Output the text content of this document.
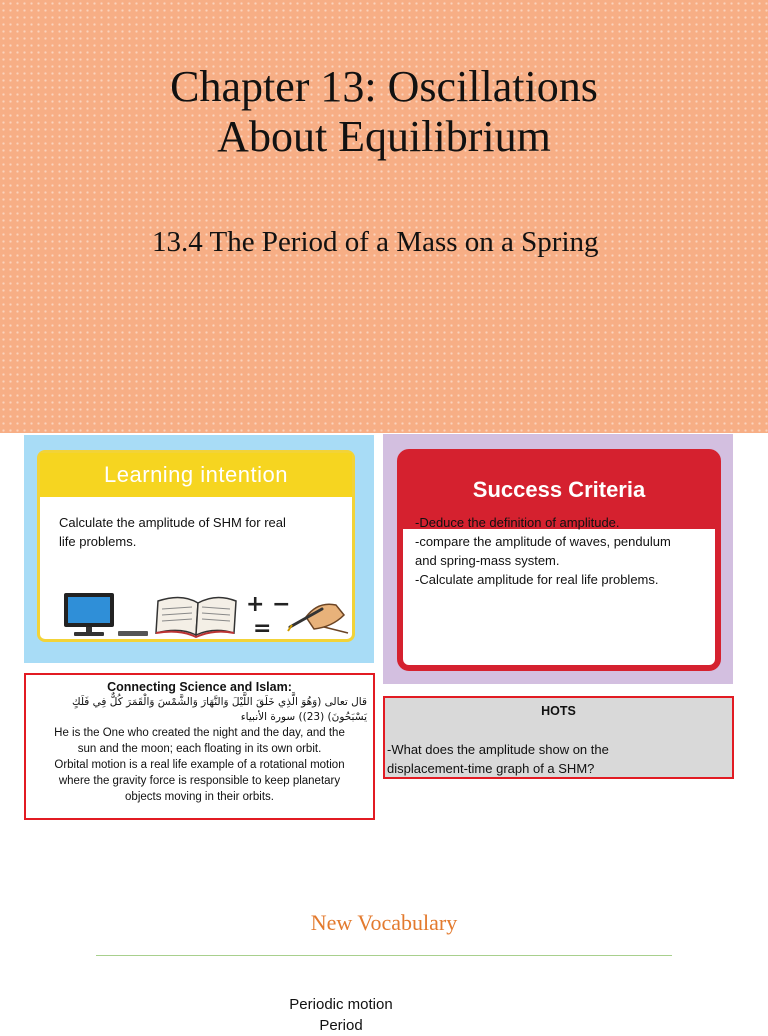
Chapter 13: Oscillations
About Equilibrium
13.4 The Period of a Mass on a Spring
Learning intention
Calculate the amplitude of SHM for real
life problems.
+ −
=
Success Criteria
-Deduce the definition of amplitude.
-compare the amplitude of waves, pendulum
and spring-mass system.
-Calculate amplitude for real life problems.
Connecting Science and Islam:
قال تعالى (وَهُوَ الَّذِي خَلَقَ اللَّيْلَ وَالنَّهَارَ وَالشَّمْسَ وَالْقَمَرَ كُلٌّ فِي فَلَكٍ
يَسْبَحُونَ) (23)) سورة الأنبياء
He is the One who created the night and the day, and the
sun and the moon; each floating in its own orbit.
Orbital motion is a real life example of a rotational motion
where the gravity force is responsible to keep planetary
objects moving in their orbits.
HOTS
-What does the amplitude show on the
displacement-time graph of a SHM?
New Vocabulary
Periodic motion
Period
